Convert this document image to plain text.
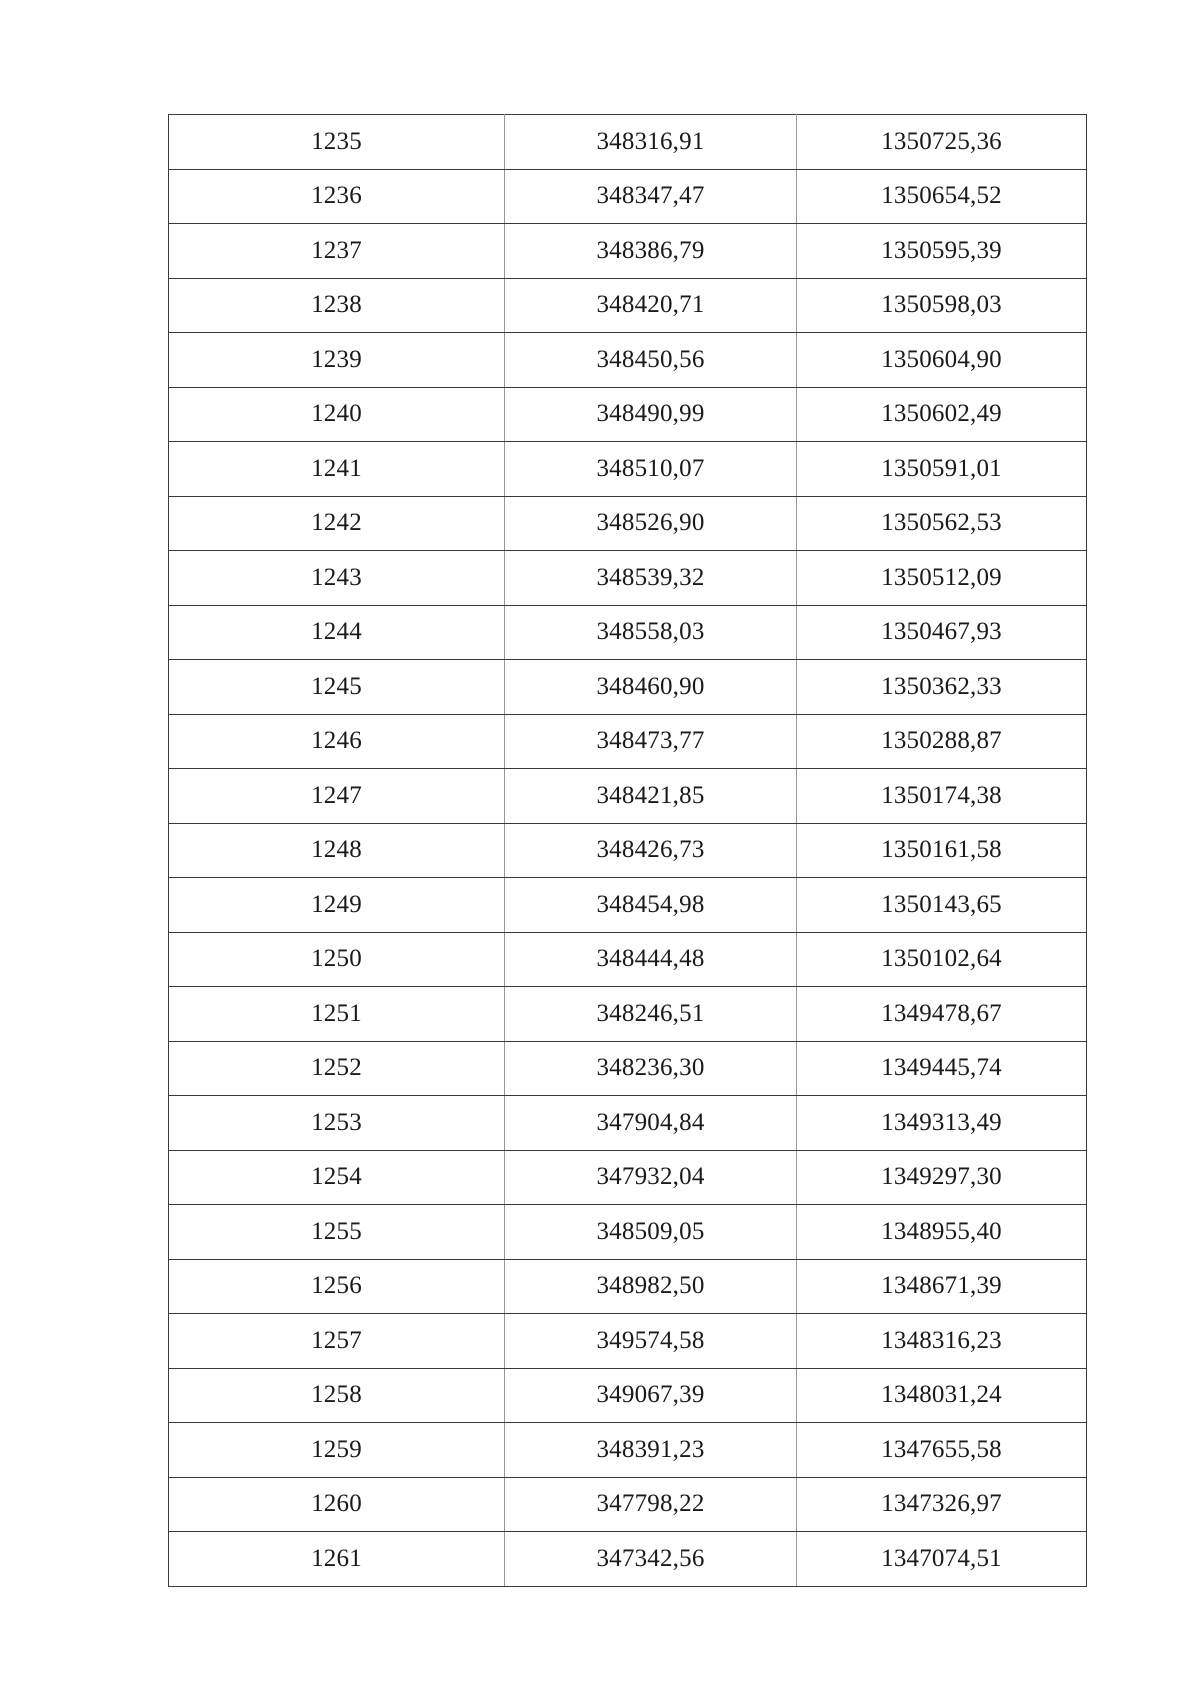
1235	348316,91	1350725,36
1236	348347,47	1350654,52
1237	348386,79	1350595,39
1238	348420,71	1350598,03
1239	348450,56	1350604,90
1240	348490,99	1350602,49
1241	348510,07	1350591,01
1242	348526,90	1350562,53
1243	348539,32	1350512,09
1244	348558,03	1350467,93
1245	348460,90	1350362,33
1246	348473,77	1350288,87
1247	348421,85	1350174,38
1248	348426,73	1350161,58
1249	348454,98	1350143,65
1250	348444,48	1350102,64
1251	348246,51	1349478,67
1252	348236,30	1349445,74
1253	347904,84	1349313,49
1254	347932,04	1349297,30
1255	348509,05	1348955,40
1256	348982,50	1348671,39
1257	349574,58	1348316,23
1258	349067,39	1348031,24
1259	348391,23	1347655,58
1260	347798,22	1347326,97
1261	347342,56	1347074,51
